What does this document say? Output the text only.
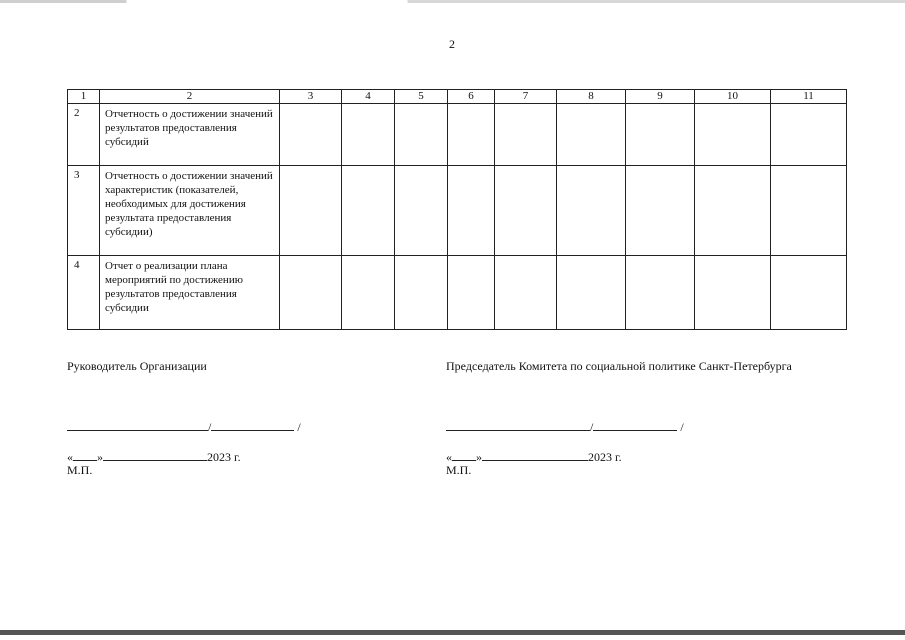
2
1	2	3	4	5	6	7	8	9	10	11
2	Отчетность о достижении значений результатов предоставления субсидий									
3	Отчетность о достижении значений характеристик (показателей, необходимых для достижения результата предоставления субсидии)									
4	Отчет о реализации плана мероприятий по достижению результатов предоставления субсидии									
Руководитель Организации
/	/
« »	2023 г.
М.П.
Председатель Комитета по социальной политике Санкт-Петербурга
/	/
« »	2023 г.
М.П.
